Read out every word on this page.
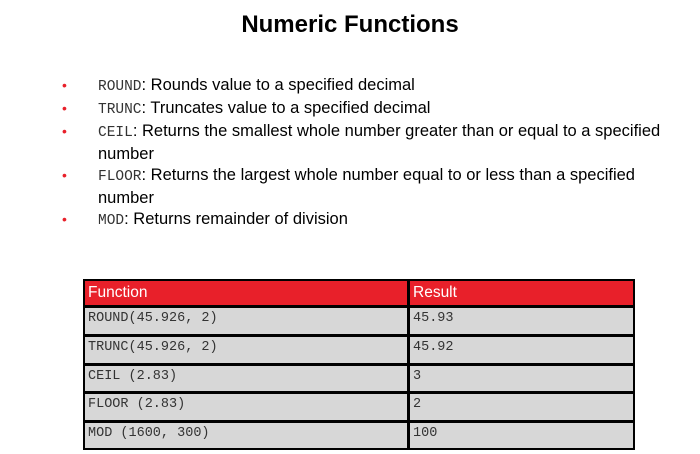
Numeric Functions
• ROUND: Rounds value to a specified decimal
• TRUNC: Truncates value to a specified decimal
• CEIL: Returns the smallest whole number greater than or equal to a specified number
• FLOOR: Returns the largest whole number equal to or less than a specified number
• MOD: Returns remainder of division
Function	Result
ROUND(45.926, 2)	45.93
TRUNC(45.926, 2)	45.92
CEIL (2.83)	3
FLOOR (2.83)	2
MOD (1600, 300)	100
